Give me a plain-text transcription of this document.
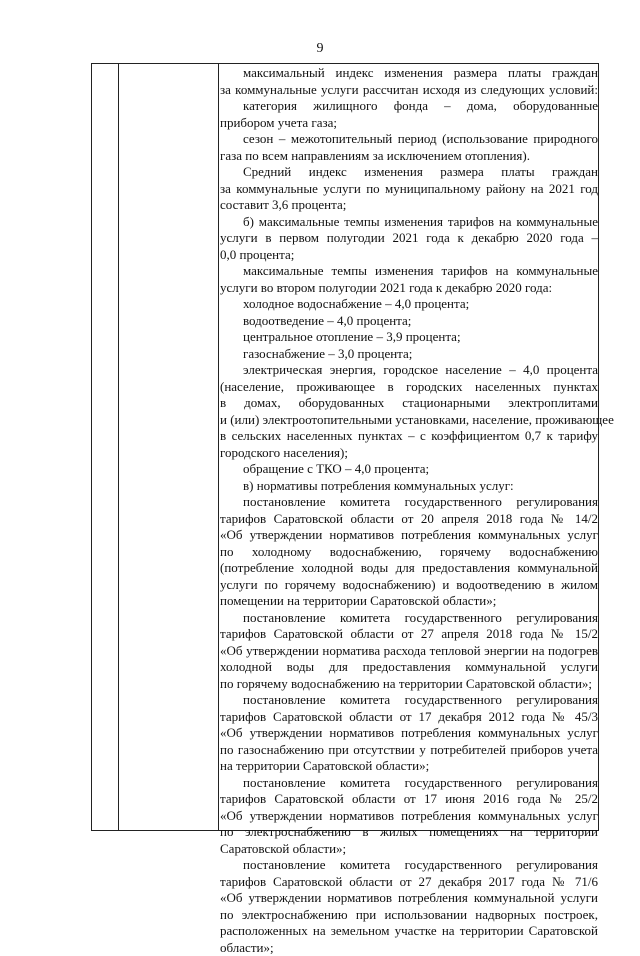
9
максимальный индекс изменения размера платы граждан
за коммунальные услуги рассчитан исходя из следующих условий:
категория жилищного фонда – дома, оборудованные
прибором учета газа;
сезон – межотопительный период (использование природного
газа по всем направлениям за исключением отопления).
Средний индекс изменения размера платы граждан
за коммунальные услуги по муниципальному району на 2021 год
составит 3,6 процента;
б) максимальные темпы изменения тарифов на коммунальные
услуги в первом полугодии 2021 года к декабрю 2020 года –
0,0 процента;
максимальные темпы изменения тарифов на коммунальные
услуги во втором полугодии 2021 года к декабрю 2020 года:
холодное водоснабжение – 4,0 процента;
водоотведение – 4,0 процента;
центральное отопление – 3,9 процента;
газоснабжение – 3,0 процента;
электрическая энергия, городское население – 4,0 процента
(население, проживающее в городских населенных пунктах
в домах, оборудованных стационарными электроплитами
и (или) электроотопительными установками, население, проживающее
в сельских населенных пунктах – с коэффициентом 0,7 к тарифу
городского населения);
обращение с ТКО – 4,0 процента;
в) нормативы потребления коммунальных услуг:
постановление комитета государственного регулирования
тарифов Саратовской области от 20 апреля 2018 года № 14/2
«Об утверждении нормативов потребления коммунальных услуг
по холодному водоснабжению, горячему водоснабжению
(потребление холодной воды для предоставления коммунальной
услуги по горячему водоснабжению) и водоотведению в жилом
помещении на территории Саратовской области»;
постановление комитета государственного регулирования
тарифов Саратовской области от 27 апреля 2018 года № 15/2
«Об утверждении норматива расхода тепловой энергии на подогрев
холодной воды для предоставления коммунальной услуги
по горячему водоснабжению на территории Саратовской области»;
постановление комитета государственного регулирования
тарифов Саратовской области от 17 декабря 2012 года № 45/3
«Об утверждении нормативов потребления коммунальных услуг
по газоснабжению при отсутствии у потребителей приборов учета
на территории Саратовской области»;
постановление комитета государственного регулирования
тарифов Саратовской области от 17 июня 2016 года № 25/2
«Об утверждении нормативов потребления коммунальных услуг
по электроснабжению в жилых помещениях на территории
Саратовской области»;
постановление комитета государственного регулирования
тарифов Саратовской области от 27 декабря 2017 года № 71/6
«Об утверждении нормативов потребления коммунальной услуги
по электроснабжению при использовании надворных построек,
расположенных на земельном участке на территории Саратовской
области»;
